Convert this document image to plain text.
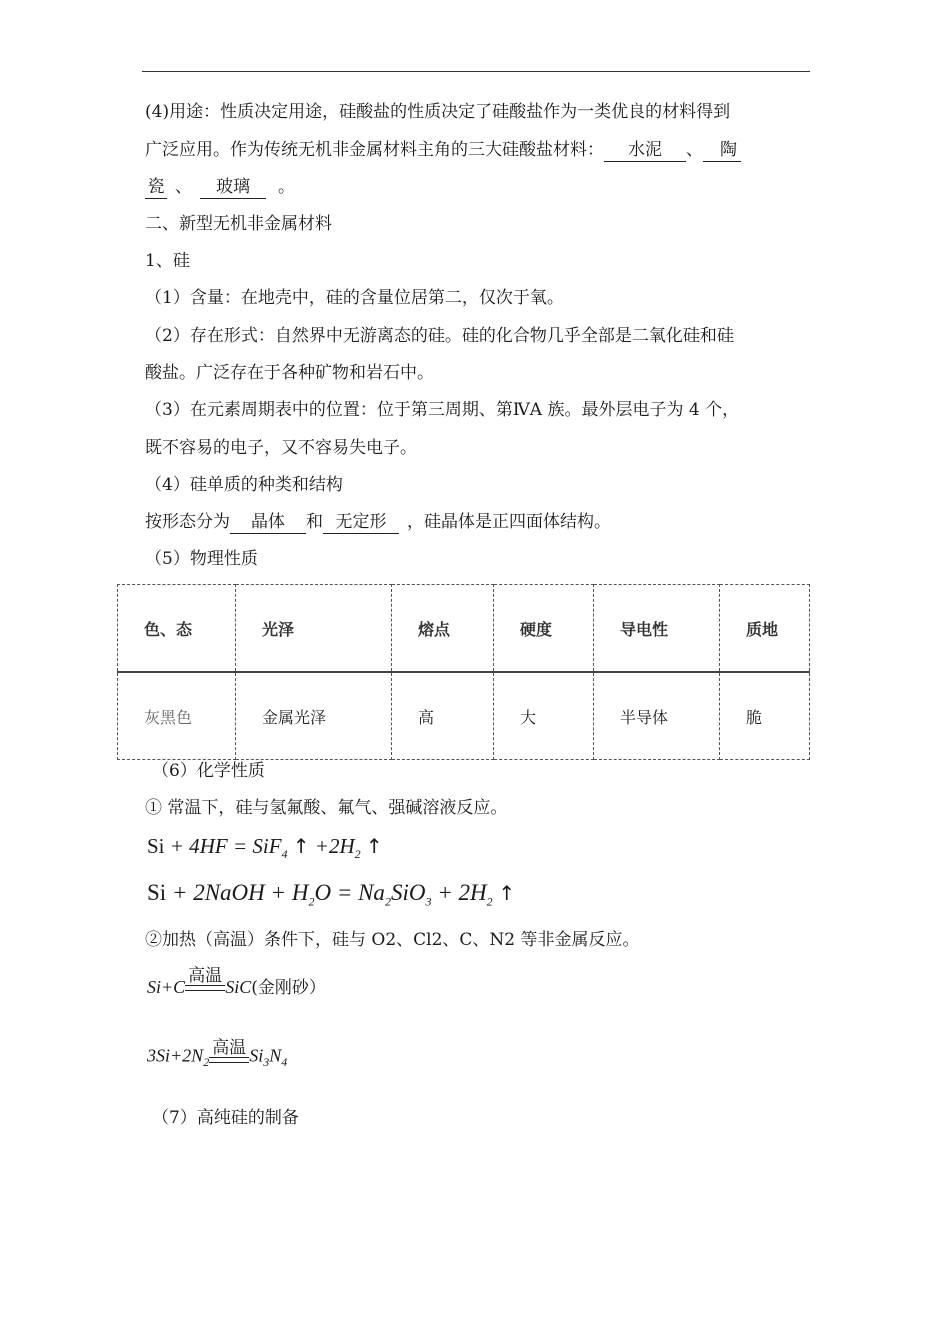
(4)用途：性质决定用途，硅酸盐的性质决定了硅酸盐作为一类优良的材料得到
广泛应用。作为传统无机非金属材料主角的三大硅酸盐材料： 水泥 、 陶
瓷 、 玻璃 。
二、新型无机非金属材料
1、硅
（1）含量：在地壳中，硅的含量位居第二，仅次于氧。
（2）存在形式：自然界中无游离态的硅。硅的化合物几乎全部是二氧化硅和硅
酸盐。广泛存在于各种矿物和岩石中。
（3）在元素周期表中的位置：位于第三周期、第ⅣA 族。最外层电子为 4 个，
既不容易的电子，又不容易失电子。
（4）硅单质的种类和结构
按形态分为 晶体 和 无定形 ，硅晶体是正四面体结构。
（5）物理性质
色、态	光泽	熔点	硬度	导电性	质地
灰黑色	金属光泽	高	大	半导体	脆
（6）化学性质
① 常温下，硅与氢氟酸、氟气、强碱溶液反应。
Si + 4HF = SiF$_4$ ↑ $+2H_2$ ↑
Si + 2NaOH + $H_2O = Na_2SiO_3 + 2H_2$ ↑
②加热（高温）条件下，硅与 O2、Cl2、C、N2 等非金属反应。
Si+C
高温
SiC(金刚砂）
$3Si+2N_2$
高温 $Si_3N_4$
（7）高纯硅的制备
